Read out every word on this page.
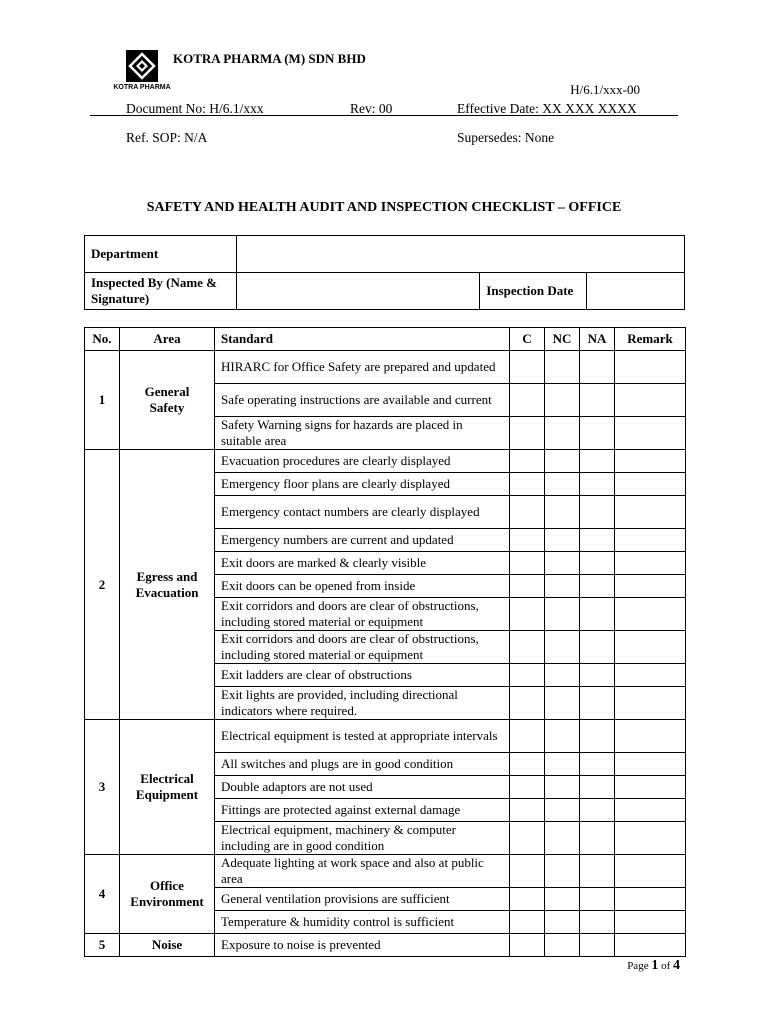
KOTRA PHARMA
KOTRA PHARMA (M) SDN BHD
H/6.1/xxx-00
Document No: H/6.1/xxx	Rev: 00	Effective Date: XX XXX XXXX
Ref. SOP: N/A	Supersedes: None
SAFETY AND HEALTH AUDIT AND INSPECTION CHECKLIST – OFFICE
Department			
Inspected By (Name & Signature)		Inspection Date	
No.	Area	Standard	C	NC	NA	Remark
1	General Safety	HIRARC for Office Safety are prepared and updated				
		Safe operating instructions are available and current				
		Safety Warning signs for hazards are placed in suitable area				
2	Egress and Evacuation	Evacuation procedures are clearly displayed				
		Emergency floor plans are clearly displayed				
		Emergency contact numbers are clearly displayed				
		Emergency numbers are current and updated				
		Exit doors are marked & clearly visible				
		Exit doors can be opened from inside				
		Exit corridors and doors are clear of obstructions, including stored material or equipment				
		Exit corridors and doors are clear of obstructions, including stored material or equipment				
		Exit ladders are clear of obstructions				
		Exit lights are provided, including directional indicators where required.				
3	Electrical Equipment	Electrical equipment is tested at appropriate intervals				
		All switches and plugs are in good condition				
		Double adaptors are not used				
		Fittings are protected against external damage				
		Electrical equipment, machinery & computer including are in good condition				
4	Office Environment	Adequate lighting at work space and also at public area				
		General ventilation provisions are sufficient				
		Temperature & humidity control is sufficient				
5	Noise	Exposure to noise is prevented				
Page 1 of 4
